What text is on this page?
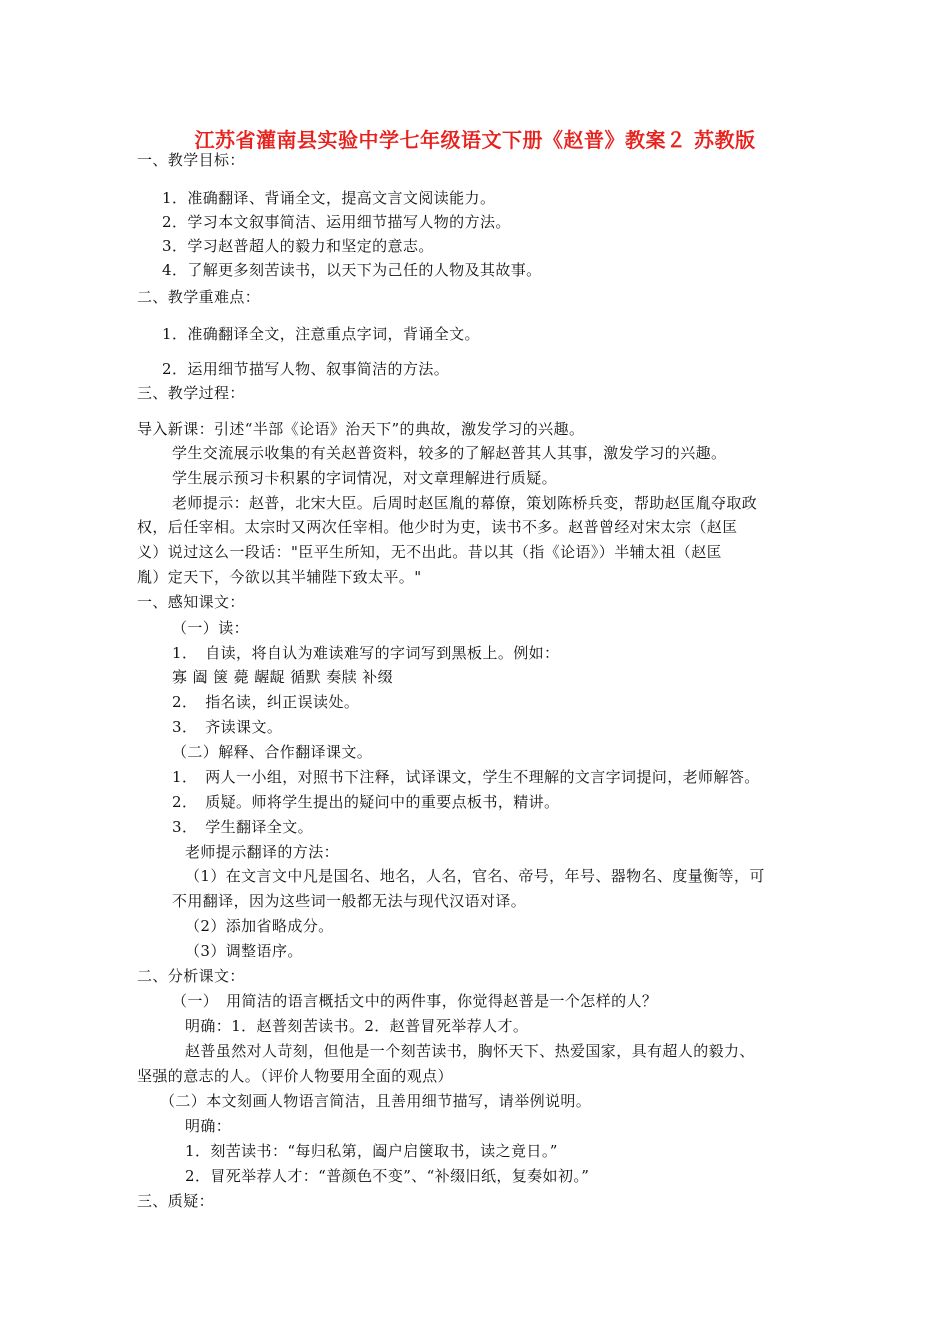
江苏省灌南县实验中学七年级语文下册《赵普》教案２ 苏教版
一、教学目标：
1．准确翻译、背诵全文，提高文言文阅读能力。
2．学习本文叙事简洁、运用细节描写人物的方法。
3．学习赵普超人的毅力和坚定的意志。
4．了解更多刻苦读书，以天下为己任的人物及其故事。
二、教学重难点：
1．准确翻译全文，注意重点字词，背诵全文。
2．运用细节描写人物、叙事简洁的方法。
三、教学过程：
导入新课：引述“半部《论语》治天下”的典故，激发学习的兴趣。
学生交流展示收集的有关赵普资料，较多的了解赵普其人其事，激发学习的兴趣。
学生展示预习卡积累的字词情况，对文章理解进行质疑。
老师提示：赵普，北宋大臣。后周时赵匡胤的幕僚，策划陈桥兵变，帮助赵匡胤夺取政
权，后任宰相。太宗时又两次任宰相。他少时为吏，读书不多。赵普曾经对宋太宗（赵匡
义）说过这么一段话："臣平生所知，无不出此。昔以其（指《论语》）半辅太祖（赵匡
胤）定天下，今欲以其半辅陛下致太平。"
一、感知课文：
（一）读：
1．　自读，将自认为难读难写的字词写到黑板上。例如：
寡 阖 箧 薨 龌龊 循默 奏牍 补缀
2．　指名读，纠正误读处。
3．　齐读课文。
（二）解释、合作翻译课文。
1．　两人一小组，对照书下注释，试译课文，学生不理解的文言字词提问，老师解答。
2．　质疑。师将学生提出的疑问中的重要点板书，精讲。
3．　学生翻译全文。
老师提示翻译的方法：
（1）在文言文中凡是国名、地名，人名，官名、帝号，年号、器物名、度量衡等，可
不用翻译，因为这些词一般都无法与现代汉语对译。
（2）添加省略成分。
（3）调整语序。
二、分析课文：
（一）　用简洁的语言概括文中的两件事，你觉得赵普是一个怎样的人？
明确：1．赵普刻苦读书。2．赵普冒死举荐人才。
赵普虽然对人苛刻，但他是一个刻苦读书，胸怀天下、热爱国家，具有超人的毅力、
坚强的意志的人。（评价人物要用全面的观点）
（二）本文刻画人物语言简洁，且善用细节描写，请举例说明。
明确：
1．刻苦读书：“每归私第，阖户启箧取书，读之竟日。”
2．冒死举荐人才：“普颜色不变”、“补缀旧纸，复奏如初。”
三、质疑：
